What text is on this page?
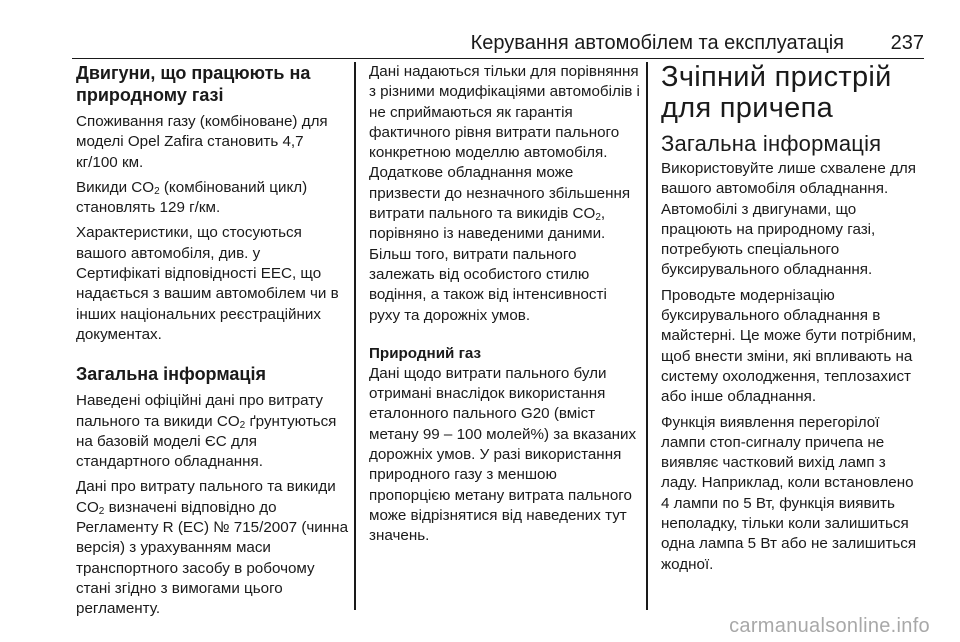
Керування автомобілем та експлуатація 237
Двигуни, що працюють на природному газі

Споживання газу (комбіноване) для моделі Opel Zafira становить 4,7 кг/100 км.

Викиди $CO_2$ (комбінований цикл) становлять 129 г/км.

Характеристики, що стосуються вашого автомобіля, див. у Сертифікаті відповідності ЕЕС, що надається з вашим автомобілем чи в інших національних реєстраційних документах.

Загальна інформація

Наведені офіційні дані про витрату пального та викиди $CO_2$ ґрунтуються на базовій моделі ЄС для стандартного обладнання.

Дані про витрату пального та викиди $CO_2$ визначені відповідно до Регламенту R (ЕС) № 715/2007 (чинна версія) з урахуванням маси транспортного засобу в робочому стані згідно з вимогами цього регламенту.

Дані надаються тільки для порівняння з різними модифікаціями автомобілів і не сприймаються як гарантія фактичного рівня витрати пального конкретною моделлю автомобіля. Додаткове обладнання може призвести до незначного збільшення витрати пального та викидів $CO_2$, порівняно із наведеними даними. Більш того, витрати пального залежать від особистого стилю водіння, а також від інтенсивності руху та дорожніх умов.

Природний газ

Дані щодо витрати пального були отримані внаслідок використання еталонного пального G20 (вміст метану 99 – 100 молей%) за вказаних дорожніх умов. У разі використання природного газу з меншою пропорцією метану витрата пального може відрізнятися від наведених тут значень.

Зчіпний пристрій для причепа
Загальна інформація

Використовуйте лише схвалене для вашого автомобіля обладнання. Автомобілі з двигунами, що працюють на природному газі, потребують спеціального буксирувального обладнання.

Проводьте модернізацію буксирувального обладнання в майстерні. Це може бути потрібним, щоб внести зміни, які впливають на систему охолодження, теплозахист або інше обладнання.

Функція виявлення перегорілої лампи стоп-сигналу причепа не виявляє частковий вихід ламп з ладу. Наприклад, коли встановлено 4 лампи по 5 Вт, функція виявить неполадку, тільки коли залишиться одна лампа 5 Вт або не залишиться жодної.

carmanualsonline.info
